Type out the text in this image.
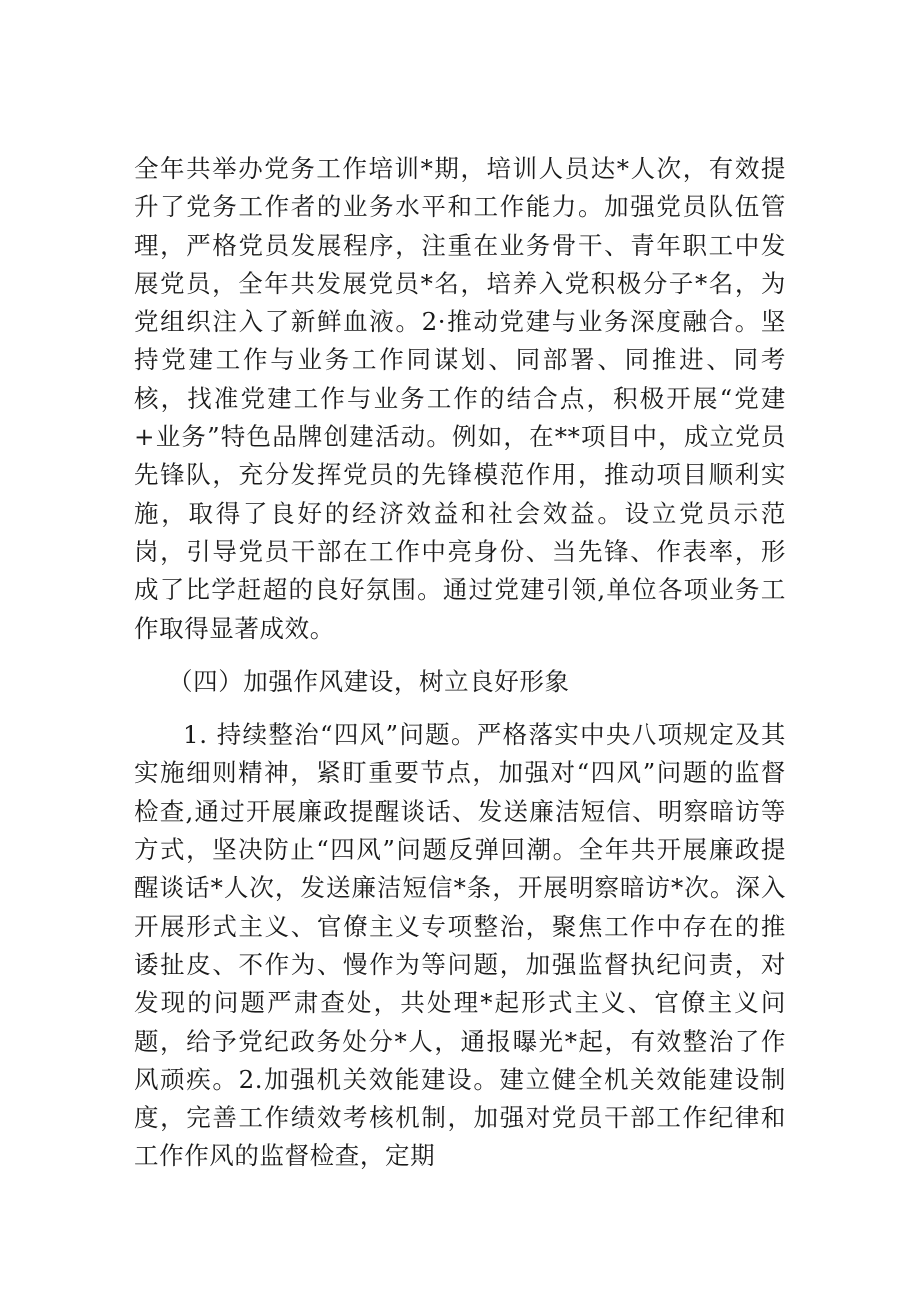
全年共举办党务工作培训*期，培训人员达*人次，有效提升了党务工作者的业务水平和工作能力。加强党员队伍管理，严格党员发展程序，注重在业务骨干、青年职工中发展党员，全年共发展党员*名，培养入党积极分子*名，为党组织注入了新鲜血液。2·推动党建与业务深度融合。坚持党建工作与业务工作同谋划、同部署、同推进、同考核，找准党建工作与业务工作的结合点，积极开展“党建+业务”特色品牌创建活动。例如，在**项目中，成立党员先锋队，充分发挥党员的先锋模范作用，推动项目顺利实施，取得了良好的经济效益和社会效益。设立党员示范岗，引导党员干部在工作中亮身份、当先锋、作表率，形成了比学赶超的良好氛围。通过党建引领,单位各项业务工作取得显著成效。

（四）加强作风建设，树立良好形象

1. 持续整治“四风”问题。严格落实中央八项规定及其实施细则精神，紧盯重要节点，加强对“四风”问题的监督检查,通过开展廉政提醒谈话、发送廉洁短信、明察暗访等方式，坚决防止“四风”问题反弹回潮。全年共开展廉政提醒谈话*人次，发送廉洁短信*条，开展明察暗访*次。深入开展形式主义、官僚主义专项整治，聚焦工作中存在的推诿扯皮、不作为、慢作为等问题，加强监督执纪问责，对发现的问题严肃查处，共处理*起形式主义、官僚主义问题，给予党纪政务处分*人，通报曝光*起，有效整治了作风顽疾。2.加强机关效能建设。建立健全机关效能建设制度，完善工作绩效考核机制，加强对党员干部工作纪律和工作作风的监督检查，定期
